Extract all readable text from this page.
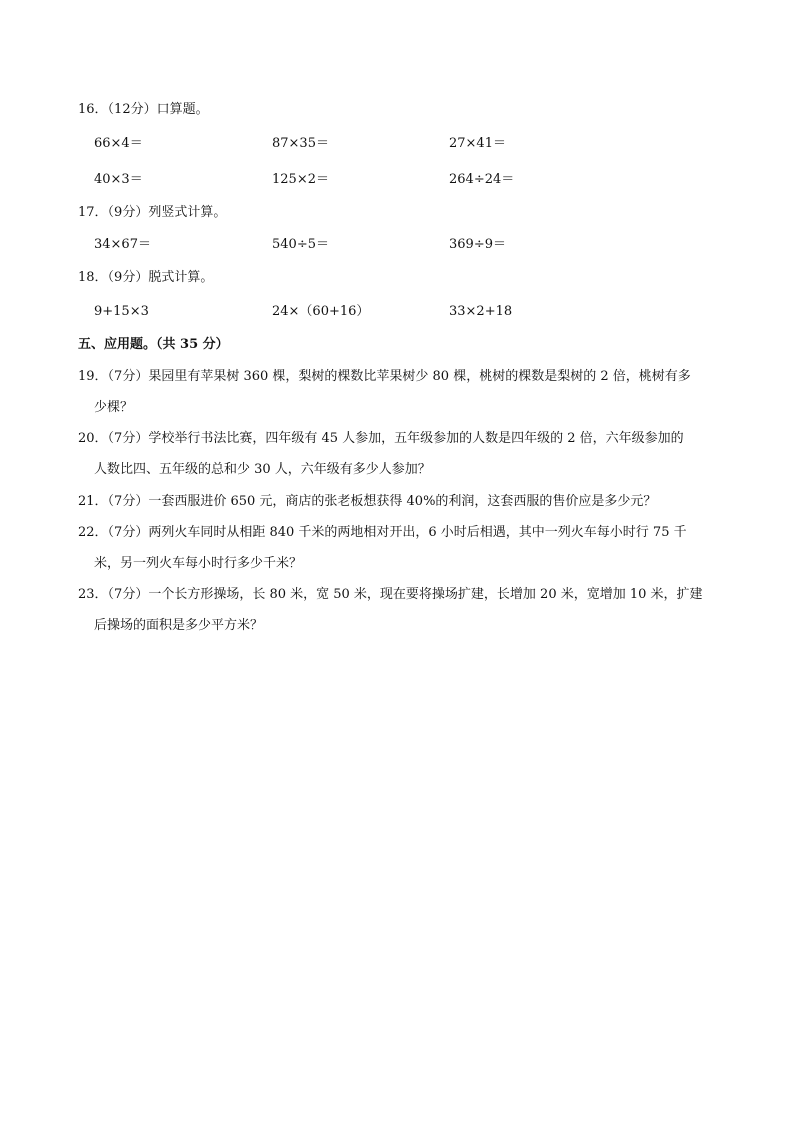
16．（12分）口算题。
66×4＝	87×35＝	27×41＝
40×3＝	125×2＝	264÷24＝
17．（9分）列竖式计算。
34×67＝	540÷5＝	369÷9＝
18．（9分）脱式计算。
9+15×3	24×（60+16）	33×2+18
五、应用题。（共 35 分）
19．（7分）果园里有苹果树 360 棵，梨树的棵数比苹果树少 80 棵，桃树的棵数是梨树的 2 倍，桃树有多
少棵？
20．（7分）学校举行书法比赛，四年级有 45 人参加，五年级参加的人数是四年级的 2 倍，六年级参加的
人数比四、五年级的总和少 30 人，六年级有多少人参加？
21．（7分）一套西服进价 650 元，商店的张老板想获得 40%的利润，这套西服的售价应是多少元？
22．（7分）两列火车同时从相距 840 千米的两地相对开出，6 小时后相遇，其中一列火车每小时行 75 千
米，另一列火车每小时行多少千米？
23．（7分）一个长方形操场，长 80 米，宽 50 米，现在要将操场扩建，长增加 20 米，宽增加 10 米，扩建
后操场的面积是多少平方米？
